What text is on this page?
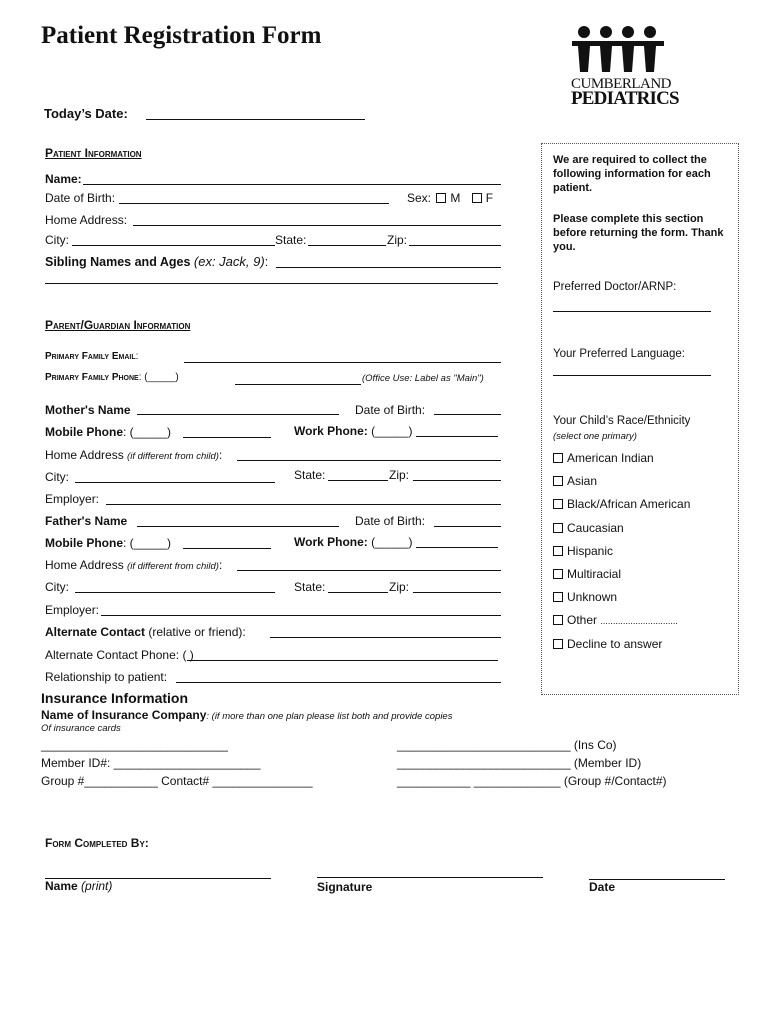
Patient Registration Form
CUMBERLAND
PEDIATRICS
Today’s Date:
Patient Information
Name:
Date of Birth:	Sex: M F
Home Address:
City:	State:	Zip:
Sibling Names and Ages (ex: Jack, 9):
Parent/Guardian Information
Primary Family Email:
Primary Family Phone: (_____)	(Office Use: Label as "Main")
Mother's Name	Date of Birth:
Mobile Phone: (_____)	Work Phone: (_____)
Home Address (if different from child):
City:	State:	Zip:
Employer:
Father's Name	Date of Birth:
Mobile Phone: (_____)	Work Phone: (_____)
Home Address (if different from child):
City:	State:	Zip:
Employer:
Alternate Contact (relative or friend):
Alternate Contact Phone: ( )
Relationship to patient:
We are required to collect the following information for each patient.
Please complete this section before returning the form. Thank you.
Preferred Doctor/ARNP:
Your Preferred Language:
Your Child’s Race/Ethnicity
(select one primary)
American Indian
Asian
Black/African American
Caucasian
Hispanic
Multiracial
Unknown
Other ...............................
Decline to answer
Insurance Information
Name of Insurance Company: (if more than one plan please list both and provide copies
Of insurance cards
____________________________	__________________________ (Ins Co)
Member ID#: ______________________	__________________________ (Member ID)
Group #___________ Contact# _______________	___________ _____________ (Group #/Contact#)
Form Completed By:
Name (print)	Signature	Date
